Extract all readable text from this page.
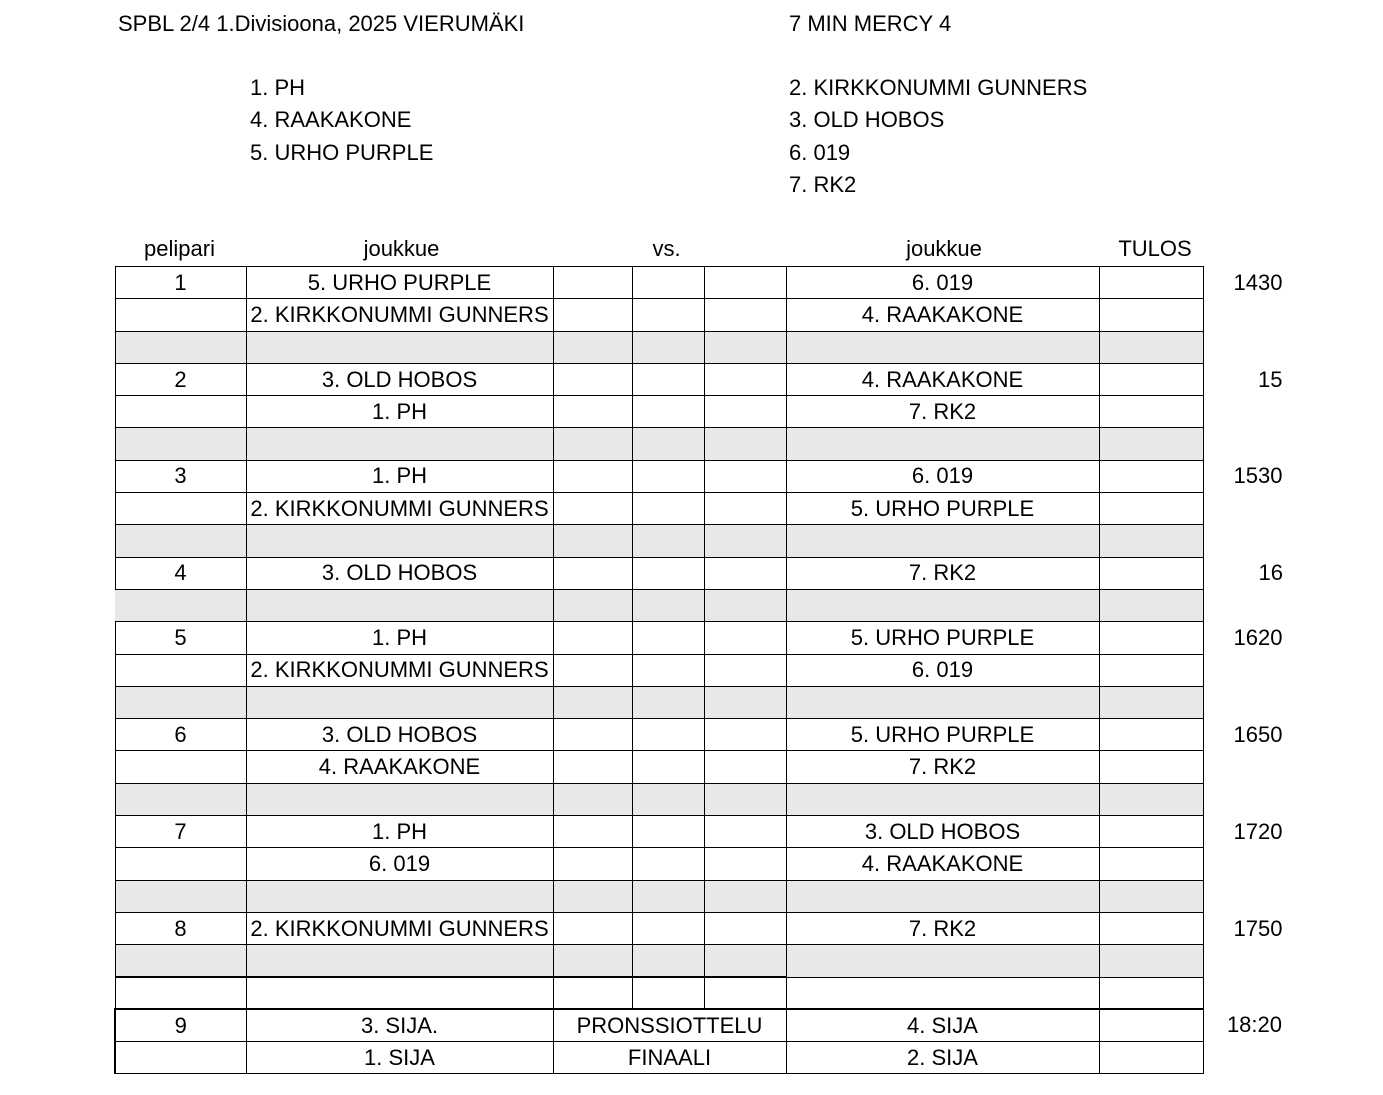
SPBL 2/4 1.Divisioona, 2025 VIERUMÄKI	7 MIN MERCY 4
1. PH
4. RAAKAKONE
5. URHO PURPLE
2. KIRKKONUMMI GUNNERS
3. OLD HOBOS
6. 019
7. RK2
pelipari	joukkue	vs.	joukkue	TULOS
1	5. URHO PURPLE				6. 019		1430
	2. KIRKKONUMMI GUNNERS				4. RAAKAKONE		

2	3. OLD HOBOS				4. RAAKAKONE		15
	1. PH				7. RK2		

3	1. PH				6. 019		1530
	2. KIRKKONUMMI GUNNERS				5. URHO PURPLE		

4	3. OLD HOBOS				7. RK2		16

5	1. PH				5. URHO PURPLE		1620
	2. KIRKKONUMMI GUNNERS				6. 019		

6	3. OLD HOBOS				5. URHO PURPLE		1650
	4. RAAKAKONE				7. RK2		

7	1. PH				3. OLD HOBOS		1720
	6. 019				4. RAAKAKONE		

8	2. KIRKKONUMMI GUNNERS				7. RK2		1750

9	3. SIJA.	PRONSSIOTTELU			4. SIJA		18:20
	1. SIJA	FINAALI			2. SIJA		
